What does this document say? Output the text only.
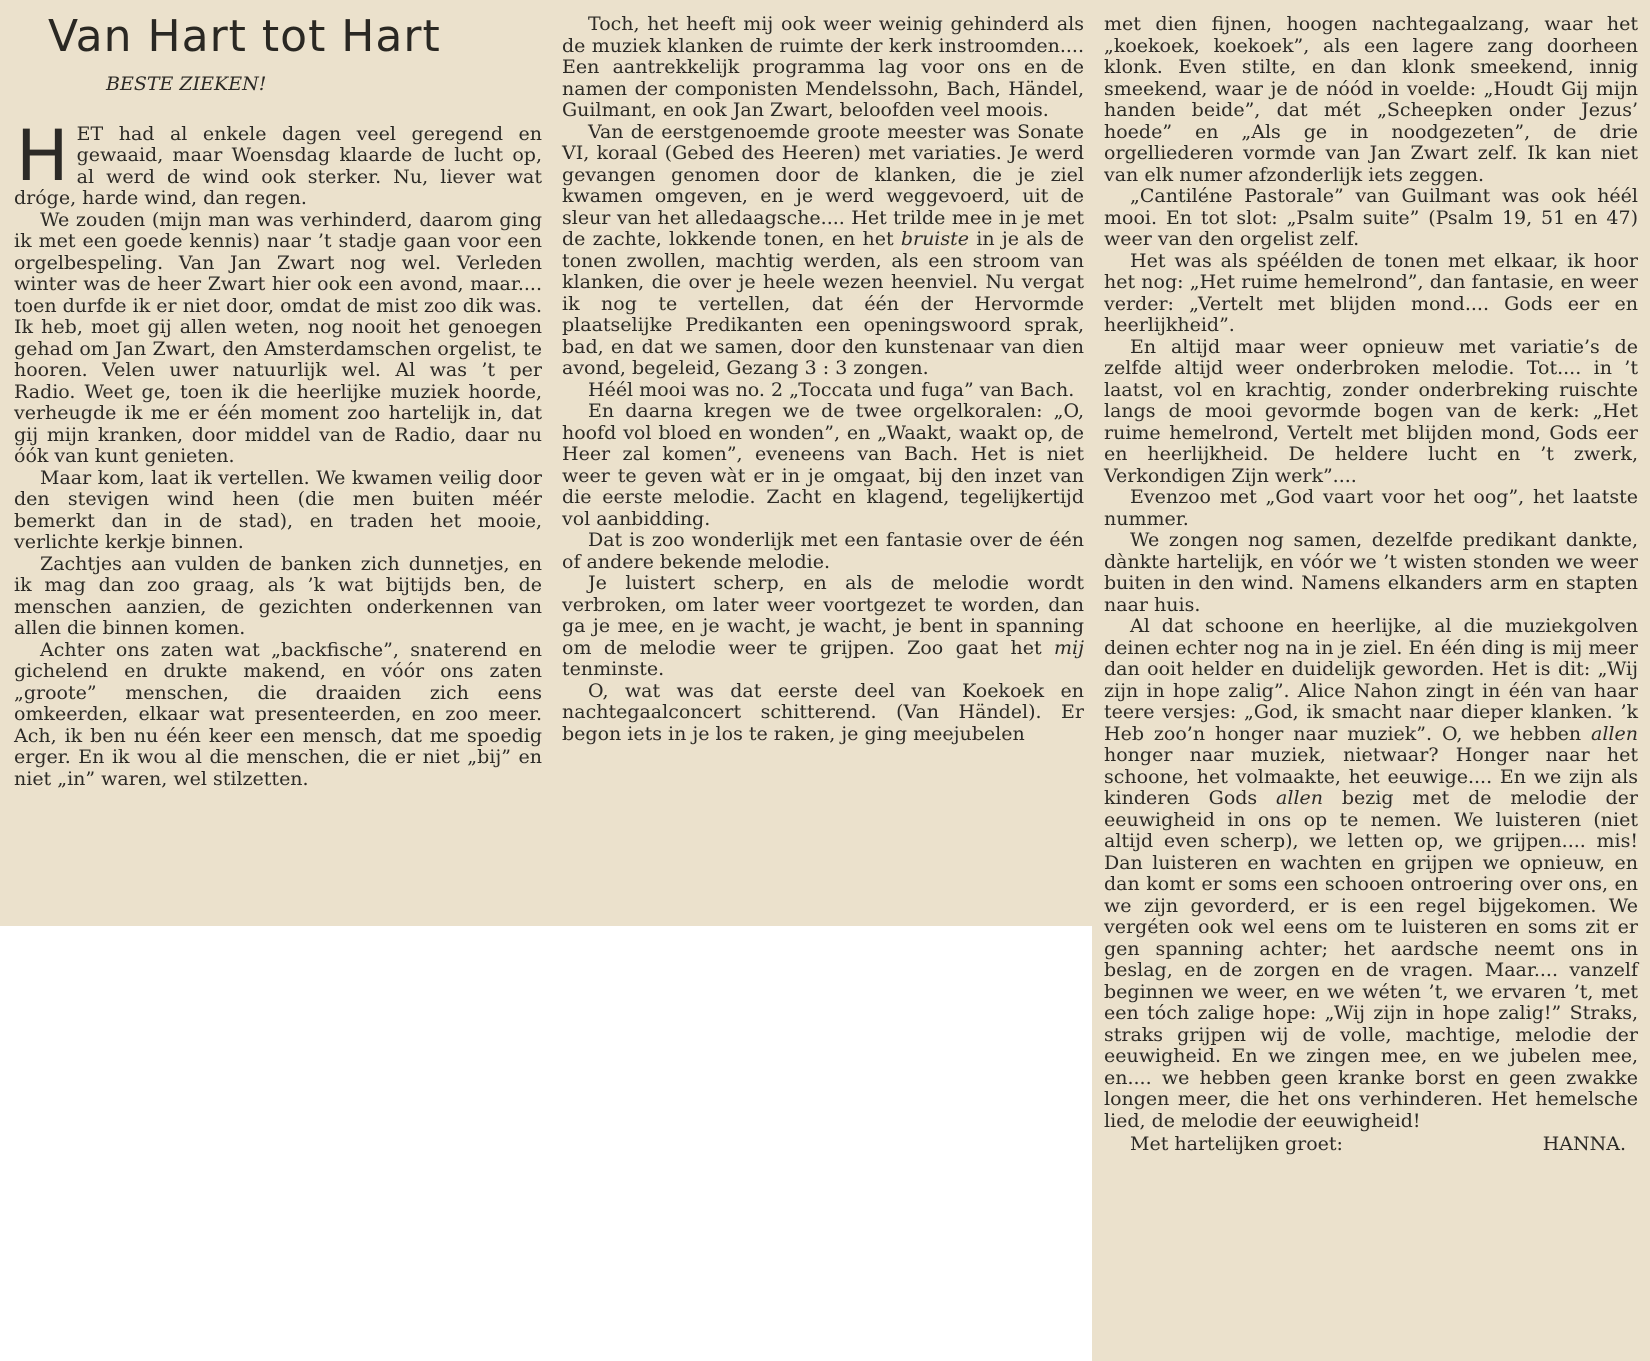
Van Hart tot Hart
BESTE ZIEKEN!

HET had al enkele dagen veel geregend en gewaaid, maar Woensdag klaarde de lucht op, al werd de wind ook sterker. Nu, liever wat dróge, harde wind, dan regen.

We zouden (mijn man was verhinderd, daarom ging ik met een goede kennis) naar ’t stadje gaan voor een orgelbespeling. Van Jan Zwart nog wel. Verleden winter was de heer Zwart hier ook een avond, maar.... toen durfde ik er niet door, omdat de mist zoo dik was. Ik heb, moet gij allen weten, nog nooit het genoegen gehad om Jan Zwart, den Amsterdamschen orgelist, te hooren. Velen uwer natuurlijk wel. Al was ’t per Radio. Weet ge, toen ik die heerlijke muziek hoorde, verheugde ik me er één moment zoo hartelijk in, dat gij mijn kranken, door middel van de Radio, daar nu óók van kunt genieten.

Maar kom, laat ik vertellen. We kwamen veilig door den stevigen wind heen (die men buiten méér bemerkt dan in de stad), en traden het mooie, verlichte kerkje binnen.

Zachtjes aan vulden de banken zich dunnetjes, en ik mag dan zoo graag, als ’k wat bijtijds ben, de menschen aanzien, de gezichten onderkennen van allen die binnen komen.

Achter ons zaten wat „backfische”, snaterend en gichelend en drukte makend, en vóór ons zaten „groote” menschen, die draaiden zich eens omkeerden, elkaar wat presenteerden, en zoo meer. Ach, ik ben nu één keer een mensch, dat me spoedig erger. En ik wou al die menschen, die er niet „bij” en niet „in” waren, wel stilzetten.

Toch, het heeft mij ook weer weinig gehinderd als de muziek klanken de ruimte der kerk instroomden.... Een aantrekkelijk programma lag voor ons en de namen der componisten Mendelssohn, Bach, Händel, Guilmant, en ook Jan Zwart, beloofden veel moois.

Van de eerstgenoemde groote meester was Sonate VI, koraal (Gebed des Heeren) met variaties. Je werd gevangen genomen door de klanken, die je ziel kwamen omgeven, en je werd weggevoerd, uit de sleur van het alledaagsche.... Het trilde mee in je met de zachte, lokkende tonen, en het bruiste in je als de tonen zwollen, machtig werden, als een stroom van klanken, die over je heele wezen heenviel. Nu vergat ik nog te vertellen, dat één der Hervormde plaatselijke Predikanten een openingswoord sprak, bad, en dat we samen, door den kunstenaar van dien avond, begeleid, Gezang 3 : 3 zongen.

Héél mooi was no. 2 „Toccata und fuga” van Bach.

En daarna kregen we de twee orgelkoralen: „O, hoofd vol bloed en wonden”, en „Waakt, waakt op, de Heer zal komen”, eveneens van Bach. Het is niet weer te geven wàt er in je omgaat, bij den inzet van die eerste melodie. Zacht en klagend, tegelijkertijd vol aanbidding.

Dat is zoo wonderlijk met een fantasie over de één of andere bekende melodie.

Je luistert scherp, en als de melodie wordt verbroken, om later weer voortgezet te worden, dan ga je mee, en je wacht, je wacht, je bent in spanning om de melodie weer te grijpen. Zoo gaat het mij tenminste.

O, wat was dat eerste deel van Koekoek en nachtegaalconcert schitterend. (Van Händel). Er begon iets in je los te raken, je ging meejubelen

met dien fijnen, hoogen nachtegaalzang, waar het „koekoek, koekoek”, als een lagere zang doorheen klonk. Even stilte, en dan klonk smeekend, innig smeekend, waar je de nóód in voelde: „Houdt Gij mijn handen beide”, dat mét „Scheepken onder Jezus’ hoede” en „Als ge in noodgezeten”, de drie orgelliederen vormde van Jan Zwart zelf. Ik kan niet van elk numer afzonderlijk iets zeggen.

„Cantiléne Pastorale” van Guilmant was ook héél mooi. En tot slot: „Psalm suite” (Psalm 19, 51 en 47) weer van den orgelist zelf.

Het was als spéélden de tonen met elkaar, ik hoor het nog: „Het ruime hemelrond”, dan fantasie, en weer verder: „Vertelt met blijden mond.... Gods eer en heerlijkheid”.

En altijd maar weer opnieuw met variatie’s de zelfde altijd weer onderbroken melodie. Tot.... in ’t laatst, vol en krachtig, zonder onderbreking ruischte langs de mooi gevormde bogen van de kerk: „Het ruime hemelrond, Vertelt met blijden mond, Gods eer en heerlijkheid. De heldere lucht en ’t zwerk, Verkondigen Zijn werk”....

Evenzoo met „God vaart voor het oog”, het laatste nummer.

We zongen nog samen, dezelfde predikant dankte, dànkte hartelijk, en vóór we ’t wisten stonden we weer buiten in den wind. Namens elkanders arm en stapten naar huis.

Al dat schoone en heerlijke, al die muziekgolven deinen echter nog na in je ziel. En één ding is mij meer dan ooit helder en duidelijk geworden. Het is dit: „Wij zijn in hope zalig”. Alice Nahon zingt in één van haar teere versjes: „God, ik smacht naar dieper klanken. ’k Heb zoo’n honger naar muziek”. O, we hebben allen honger naar muziek, nietwaar? Honger naar het schoone, het volmaakte, het eeuwige.... En we zijn als kinderen Gods allen bezig met de melodie der eeuwigheid in ons op te nemen. We luisteren (niet altijd even scherp), we letten op, we grijpen.... mis! Dan luisteren en wachten en grijpen we opnieuw, en dan komt er soms een schooen ontroering over ons, en we zijn gevorderd, er is een regel bijgekomen. We vergéten ook wel eens om te luisteren en soms zit er gen spanning achter; het aardsche neemt ons in beslag, en de zorgen en de vragen. Maar.... vanzelf beginnen we weer, en we wéten ’t, we ervaren ’t, met een tóch zalige hope: „Wij zijn in hope zalig!” Straks, straks grijpen wij de volle, machtige, melodie der eeuwigheid. En we zingen mee, en we jubelen mee, en.... we hebben geen kranke borst en geen zwakke longen meer, die het ons verhinderen. Het hemelsche lied, de melodie der eeuwigheid!

Met hartelijken groet:	HANNA.
